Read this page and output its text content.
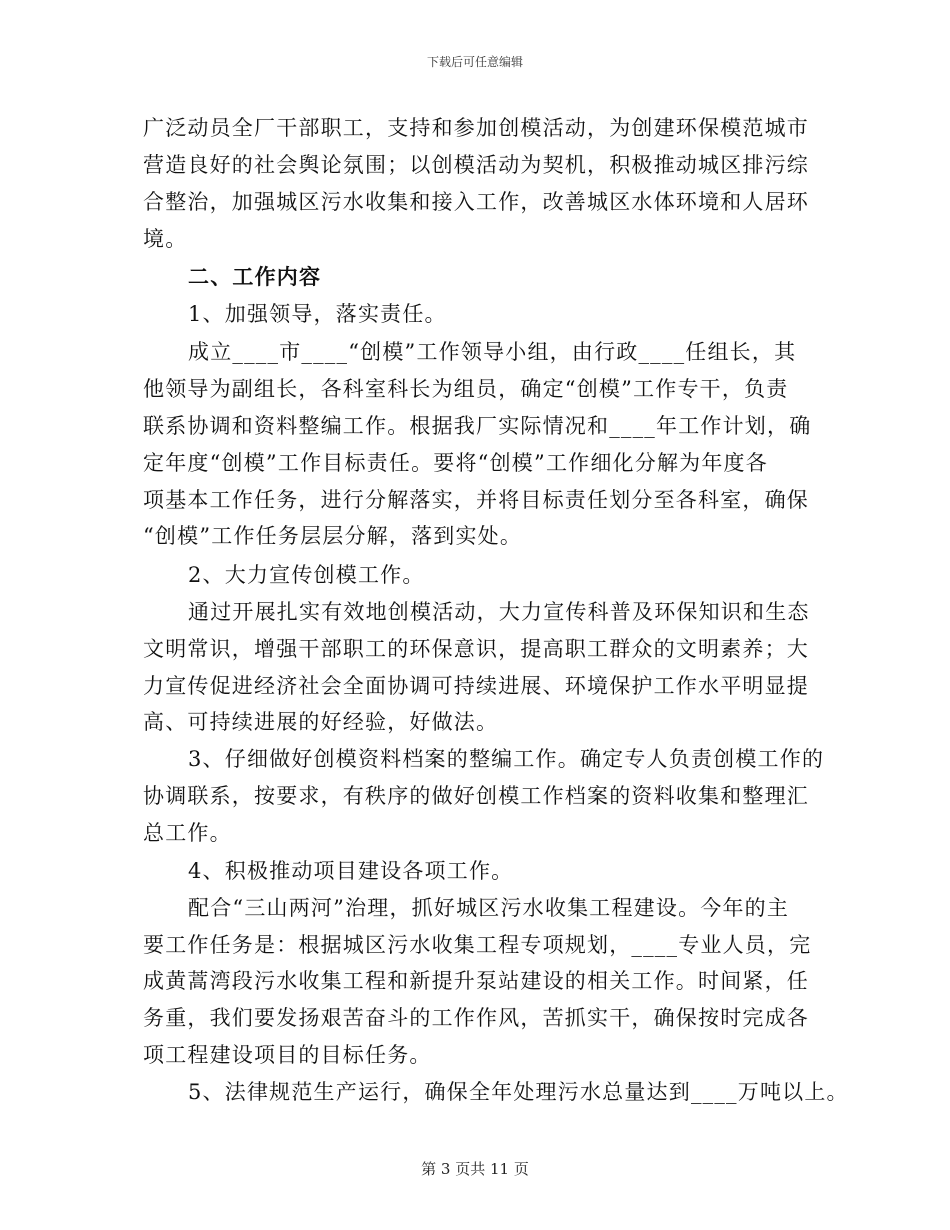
下载后可任意编辑
广泛动员全厂干部职工，支持和参加创模活动，为创建环保模范城市
营造良好的社会舆论氛围；以创模活动为契机，积极推动城区排污综
合整治，加强城区污水收集和接入工作，改善城区水体环境和人居环
境。
二、工作内容
1、加强领导，落实责任。
成立____市____“创模”工作领导小组，由行政____任组长，其
他领导为副组长，各科室科长为组员，确定“创模”工作专干，负责
联系协调和资料整编工作。根据我厂实际情况和____年工作计划，确
定年度“创模”工作目标责任。要将“创模”工作细化分解为年度各
项基本工作任务，进行分解落实，并将目标责任划分至各科室，确保
“创模”工作任务层层分解，落到实处。
2、大力宣传创模工作。
通过开展扎实有效地创模活动，大力宣传科普及环保知识和生态
文明常识，增强干部职工的环保意识，提高职工群众的文明素养；大
力宣传促进经济社会全面协调可持续进展、环境保护工作水平明显提
高、可持续进展的好经验，好做法。
3、仔细做好创模资料档案的整编工作。确定专人负责创模工作的
协调联系，按要求，有秩序的做好创模工作档案的资料收集和整理汇
总工作。
4、积极推动项目建设各项工作。
配合“三山两河”治理，抓好城区污水收集工程建设。今年的主
要工作任务是：根据城区污水收集工程专项规划，____专业人员，完
成黄蒿湾段污水收集工程和新提升泵站建设的相关工作。时间紧，任
务重，我们要发扬艰苦奋斗的工作作风，苦抓实干，确保按时完成各
项工程建设项目的目标任务。
5、法律规范生产运行，确保全年处理污水总量达到____万吨以上。
第 3 页共 11 页
